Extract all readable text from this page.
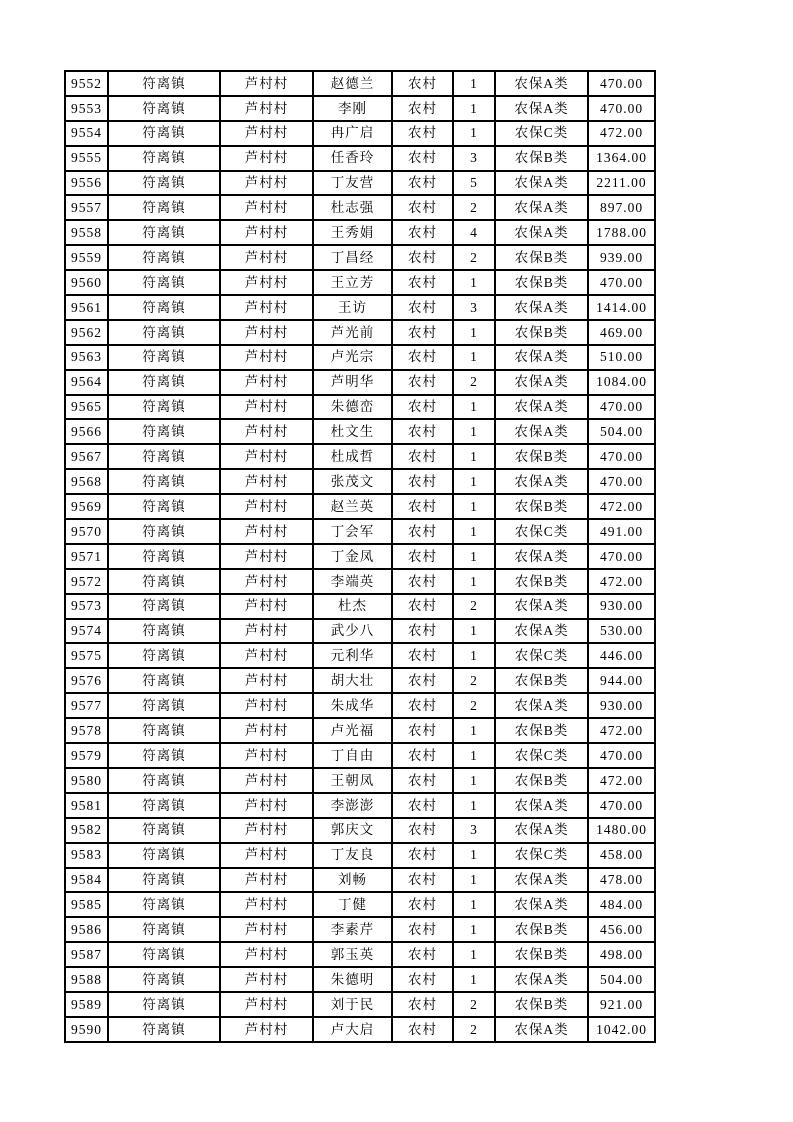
9552	符离镇	芦村村	赵德兰	农村	1	农保A类	470.00
9553	符离镇	芦村村	李刚	农村	1	农保A类	470.00
9554	符离镇	芦村村	冉广启	农村	1	农保C类	472.00
9555	符离镇	芦村村	任香玲	农村	3	农保B类	1364.00
9556	符离镇	芦村村	丁友营	农村	5	农保A类	2211.00
9557	符离镇	芦村村	杜志强	农村	2	农保A类	897.00
9558	符离镇	芦村村	王秀娟	农村	4	农保A类	1788.00
9559	符离镇	芦村村	丁昌经	农村	2	农保B类	939.00
9560	符离镇	芦村村	王立芳	农村	1	农保B类	470.00
9561	符离镇	芦村村	王访	农村	3	农保A类	1414.00
9562	符离镇	芦村村	芦光前	农村	1	农保B类	469.00
9563	符离镇	芦村村	卢光宗	农村	1	农保A类	510.00
9564	符离镇	芦村村	芦明华	农村	2	农保A类	1084.00
9565	符离镇	芦村村	朱德峦	农村	1	农保A类	470.00
9566	符离镇	芦村村	杜文生	农村	1	农保A类	504.00
9567	符离镇	芦村村	杜成哲	农村	1	农保B类	470.00
9568	符离镇	芦村村	张茂文	农村	1	农保A类	470.00
9569	符离镇	芦村村	赵兰英	农村	1	农保B类	472.00
9570	符离镇	芦村村	丁会军	农村	1	农保C类	491.00
9571	符离镇	芦村村	丁金凤	农村	1	农保A类	470.00
9572	符离镇	芦村村	李端英	农村	1	农保B类	472.00
9573	符离镇	芦村村	杜杰	农村	2	农保A类	930.00
9574	符离镇	芦村村	武少八	农村	1	农保A类	530.00
9575	符离镇	芦村村	元利华	农村	1	农保C类	446.00
9576	符离镇	芦村村	胡大壮	农村	2	农保B类	944.00
9577	符离镇	芦村村	朱成华	农村	2	农保A类	930.00
9578	符离镇	芦村村	卢光福	农村	1	农保B类	472.00
9579	符离镇	芦村村	丁自由	农村	1	农保C类	470.00
9580	符离镇	芦村村	王朝凤	农村	1	农保B类	472.00
9581	符离镇	芦村村	李澎澎	农村	1	农保A类	470.00
9582	符离镇	芦村村	郭庆文	农村	3	农保A类	1480.00
9583	符离镇	芦村村	丁友良	农村	1	农保C类	458.00
9584	符离镇	芦村村	刘畅	农村	1	农保A类	478.00
9585	符离镇	芦村村	丁健	农村	1	农保A类	484.00
9586	符离镇	芦村村	李素芹	农村	1	农保B类	456.00
9587	符离镇	芦村村	郭玉英	农村	1	农保B类	498.00
9588	符离镇	芦村村	朱德明	农村	1	农保A类	504.00
9589	符离镇	芦村村	刘于民	农村	2	农保B类	921.00
9590	符离镇	芦村村	卢大启	农村	2	农保A类	1042.00
